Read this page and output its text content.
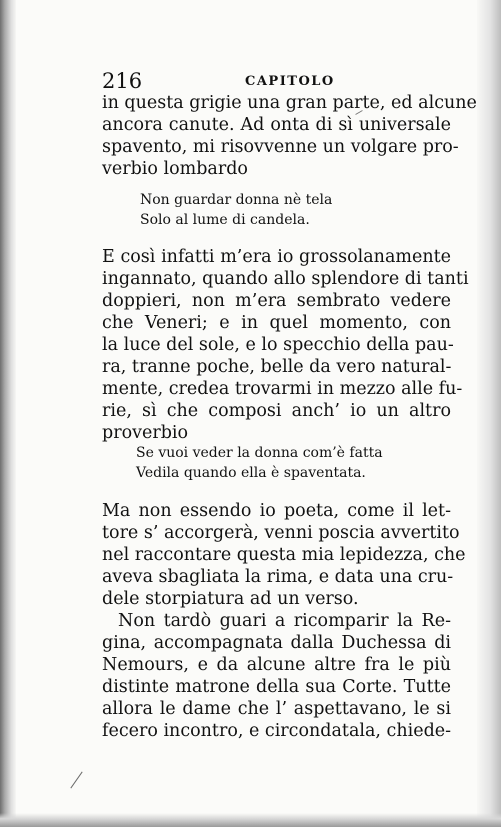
216	CAPITOLO
in questa grigie una gran parte, ed alcune
ancora canute. Ad onta di sì universale
spavento, mi risovvenne un volgare pro-
verbio lombardo
Non guardar donna nè tela
Solo al lume di candela.
E così infatti m’era io grossolanamente
ingannato, quando allo splendore di tanti
doppieri, non m’era sembrato vedere
che Veneri; e in quel momento, con
la luce del sole, e lo specchio della pau-
ra, tranne poche, belle da vero natural-
mente, credea trovarmi in mezzo alle fu-
rie, sì che composi anch’ io un altro
proverbio
Se vuoi veder la donna com’è fatta
Vedila quando ella è spaventata.
Ma non essendo io poeta, come il let-
tore s’ accorgerà, venni poscia avvertito
nel raccontare questa mia lepidezza, che
aveva sbagliata la rima, e data una cru-
dele storpiatura ad un verso.
Non tardò guari a ricomparir la Re-
gina, accompagnata dalla Duchessa di
Nemours, e da alcune altre fra le più
distinte matrone della sua Corte. Tutte
allora le dame che l’ aspettavano, le si
fecero incontro, e circondatala, chiede-
